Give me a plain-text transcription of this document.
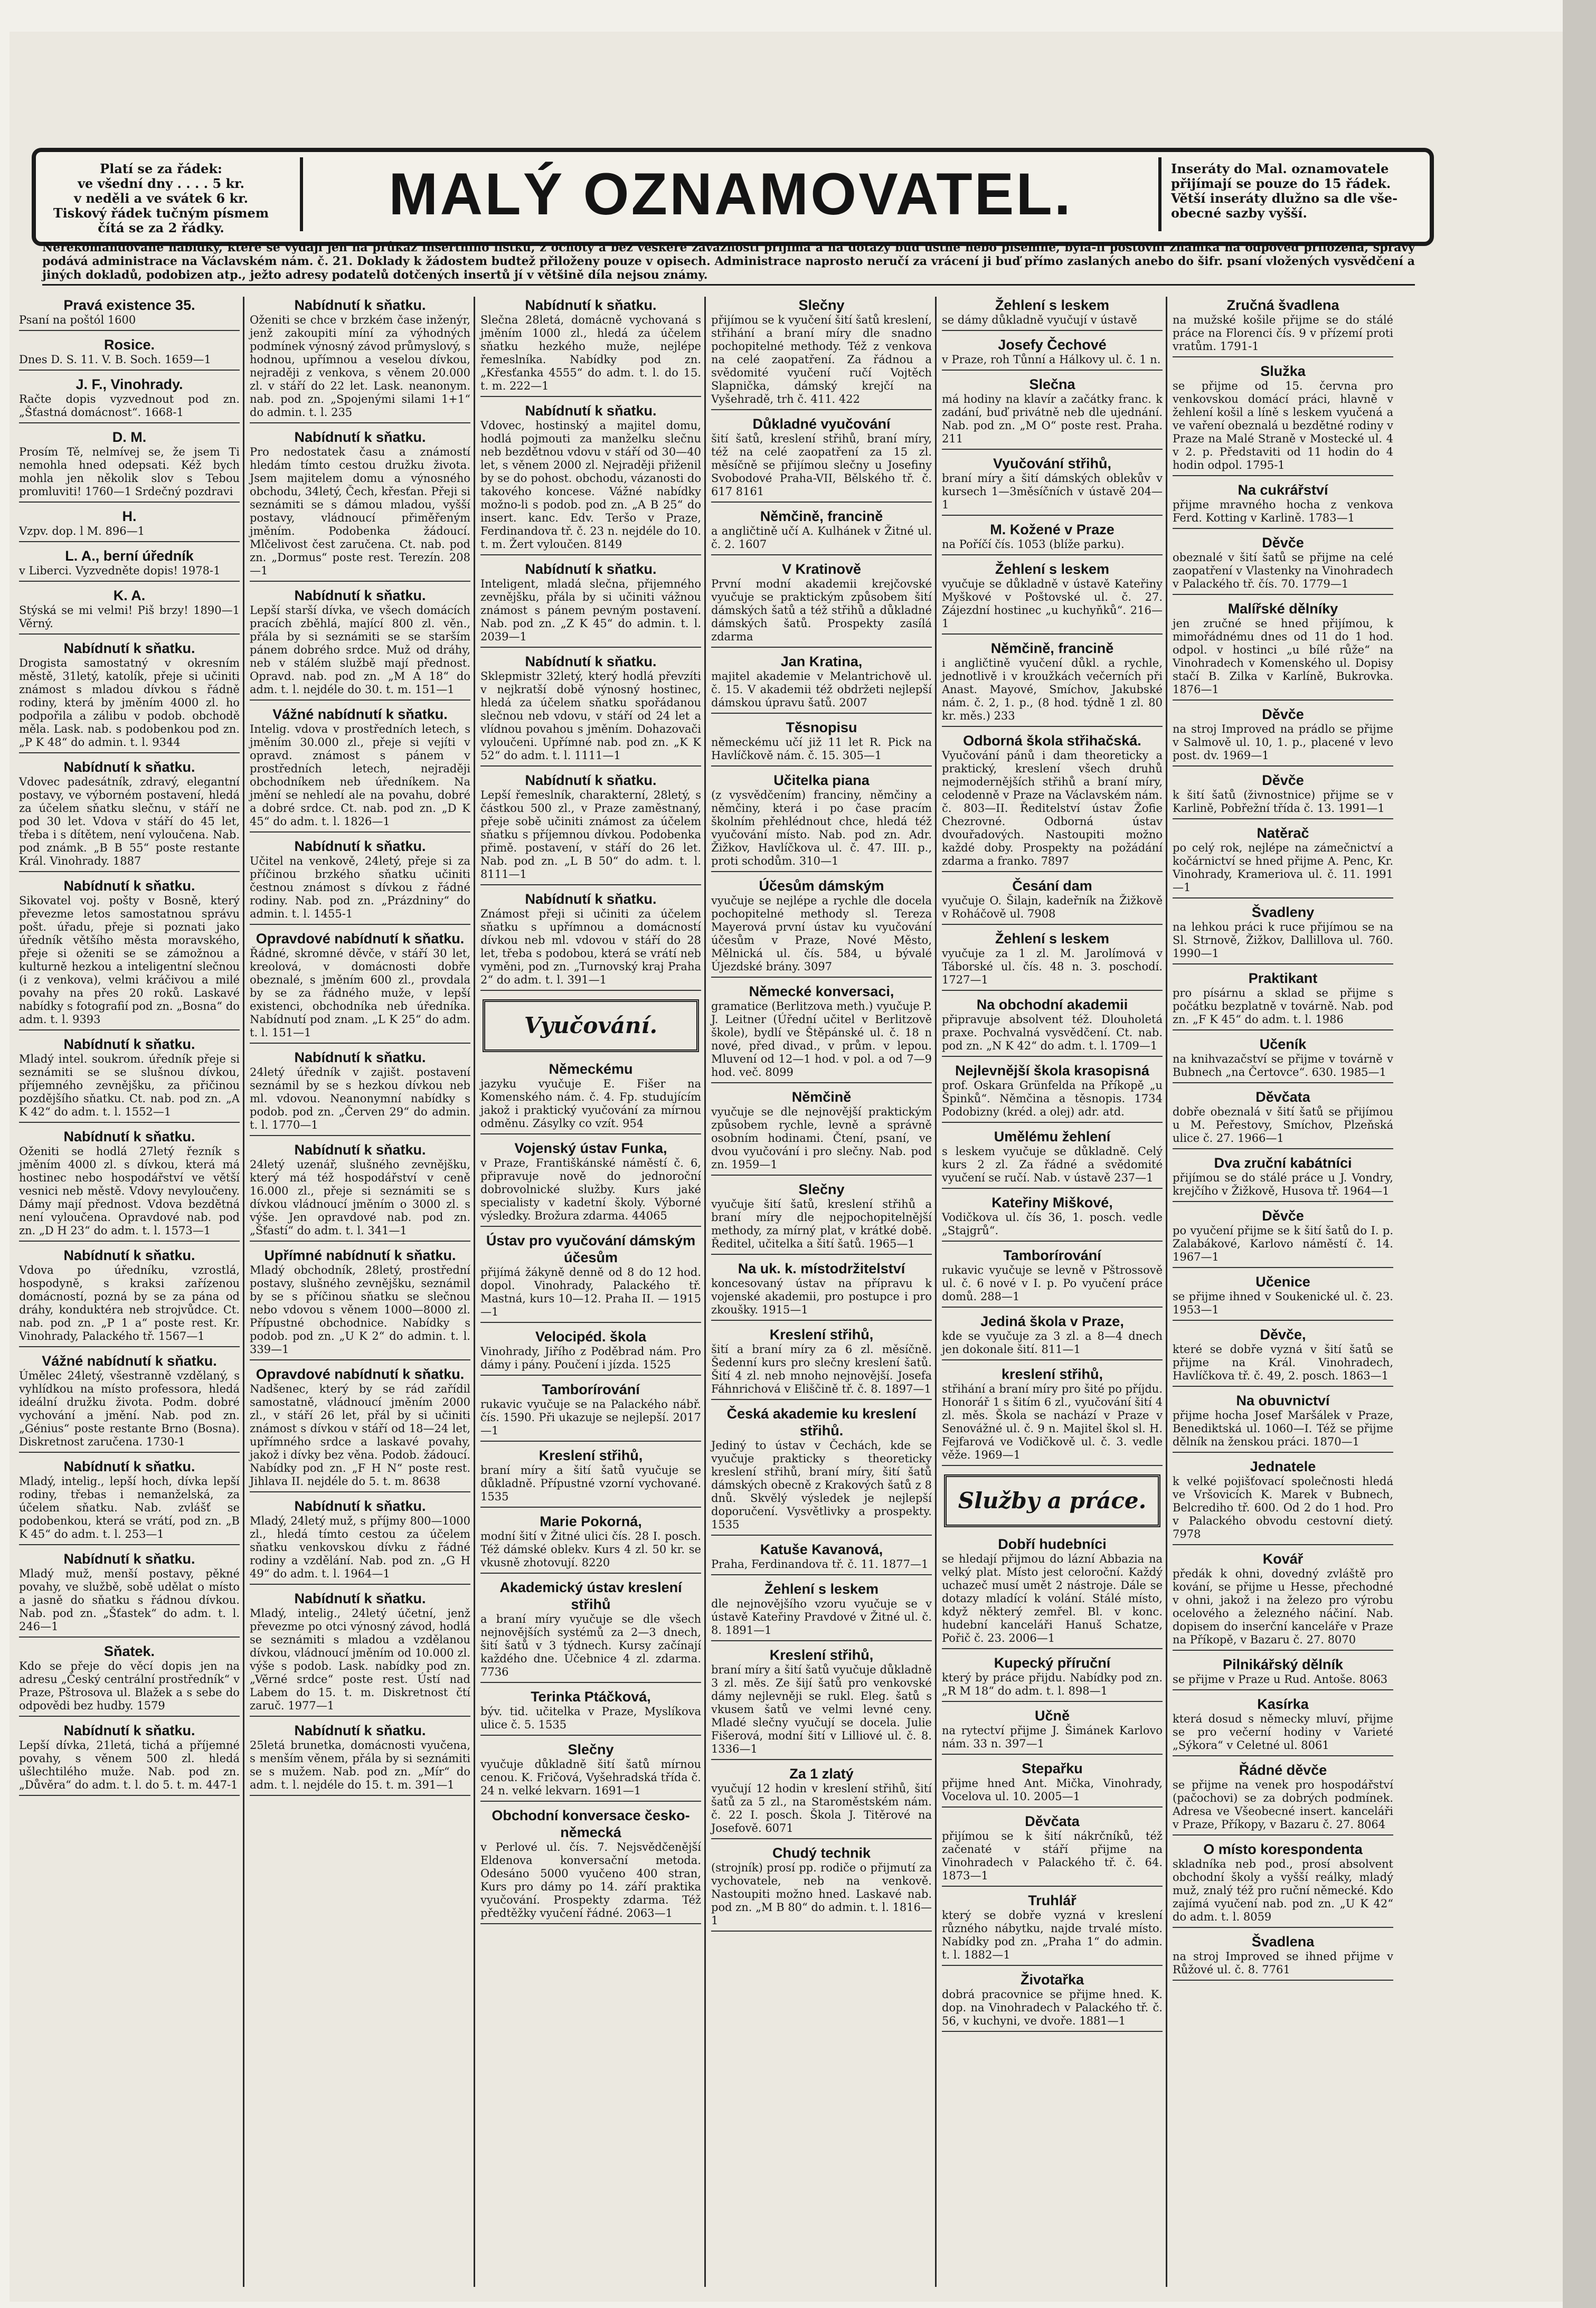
Platí se za řádek:
ve všední dny . . . . 5 kr.
v neděli a ve svátek 6 kr.
Tiskový řádek tučným písmem
čítá se za 2 řádky.
MALÝ OZNAMOVATEL.	Inseráty do Mal. oznamovatele
přijímají se pouze do 15 řádek.
Větší inseráty dlužno sa dle vše-
obecné sazby vyšší.
Nerekomandované nabídky, které se vydají jen na průkaz insertního lístku, z ochoty a bez veškeré závaznosti přijímá a na dotazy buď ústně nebo písemně, byla-li poštovní známka na odpověď přiložena, správy podává administrace na Václavském nám. č. 21. Doklady k žádostem budtež přiloženy pouze v opisech. Administrace naprosto neručí za vrácení ji buď přímo zaslaných anebo do šifr. psaní vložených vysvědčení a jiných dokladů, podobizen atp., ježto adresy podatelů dotčených insertů jí v většině díla nejsou známy.
Pravá existence 35.
Psaní na poštól 1600
Rosice.
Dnes D. S. 11. V. B. Soch. 1659—1
J. F., Vinohrady.
Račte dopis vyzvednout pod zn. „Šťastná domácnost“. 1668-1
D. M.
Prosím Tě, nelmívej se, že jsem Ti nemohla hned odepsati. Kéž bych mohla jen několik slov s Tebou promluviti! 1760—1 Srdečný pozdravi
H.
Vzpv. dop. l M. 896—1
L. A., berní úředník
v Liberci. Vyzvedněte dopis! 1978-1
K. A.
Stýská se mi velmi! Piš brzy! 1890—1 Věrný.
Nabídnutí k sňatku.
Drogista samostatný v okresním městě, 31letý, katolík, přeje si učiniti známost s mladou dívkou s řádně rodiny, která by jměním 4000 zl. ho podpořila a zálibu v podob. obchodě měla. Lask. nab. s podobenkou pod zn. „P K 48“ do admin. t. l. 9344
Nabídnutí k sňatku.
Vdovec padesátník, zdravý, elegantní postavy, ve výborném postavení, hledá za účelem sňatku slečnu, v stáří ne pod 30 let. Vdova v stáří do 45 let, třeba i s dítětem, není vyloučena. Nab. pod známk. „B B 55“ poste restante Král. Vinohrady. 1887
Nabídnutí k sňatku.
Sikovatel voj. pošty v Bosně, který převezme letos samostatnou správu pošt. úřadu, přeje si poznati jako úředník většího města moravského, přeje si oženiti se se zámožnou a kulturně hezkou a inteligentní slečnou (i z venkova), velmi kráčivou a milé povahy na přes 20 roků. Laskavé nabídky s fotografií pod zn. „Bosna“ do adm. t. l. 9393
Nabídnutí k sňatku.
Mladý intel. soukrom. úředník přeje si seznámiti se se slušnou dívkou, příjemného zevnějšku, za přičinou pozdějšího sňatku. Ct. nab. pod zn. „A K 42“ do adm. t. l. 1552—1
Nabídnutí k sňatku.
Oženiti se hodlá 27letý řezník s jměním 4000 zl. s dívkou, která má hostinec nebo hospodářství ve větší vesnici neb městě. Vdovy nevyloučeny. Dámy mají přednost. Vdova bezdětná není vyloučena. Opravdové nab. pod zn. „D H 23“ do adm. t. l. 1573—1
Nabídnutí k sňatku.
Vdova po úředníku, vzrostlá, hospodyně, s kraksi zařízenou domácností, pozná by se za pána od dráhy, konduktéra neb strojvůdce. Ct. nab. pod zn. „P 1 a“ poste rest. Kr. Vinohrady, Palackého tř. 1567—1
Vážné nabídnutí k sňatku.
Úmělec 24letý, všestranně vzdělaný, s vyhlídkou na místo professora, hledá ideální družku života. Podm. dobré vychování a jmění. Nab. pod zn. „Génius“ poste restante Brno (Bosna). Diskretnost zaručena. 1730-1
Nabídnutí k sňatku.
Mladý, intelig., lepší hoch, dívka lepší rodiny, třebas i nemanželská, za účelem sňatku. Nab. zvlášť se podobenkou, která se vrátí, pod zn. „B K 45“ do adm. t. l. 253—1
Nabídnutí k sňatku.
Mladý muž, menší postavy, pěkné povahy, ve službě, sobě udělat o místo a jasně do sňatku s řádnou dívkou. Nab. pod zn. „Šťastek“ do adm. t. l. 246—1
Sňatek.
Kdo se přeje do věcí dopis jen na adresu „Český centrální prostředník“ v Praze, Pštrosova ul. Blažek a s sebe do odpovědi bez hudby. 1579
Nabídnutí k sňatku.
Lepší dívka, 21letá, tichá a příjemné povahy, s věnem 500 zl. hledá ušlechtilého muže. Nab. pod zn. „Důvěra“ do adm. t. l. do 5. t. m. 447-1
Nabídnutí k sňatku.
Oženiti se chce v brzkém čase inženýr, jenž zakoupiti míní za výhodných podmínek výnosný závod průmyslový, s hodnou, upřímnou a veselou dívkou, nejraději z venkova, s věnem 20.000 zl. v stáří do 22 let. Lask. neanonym. nab. pod zn. „Spojenými silami 1+1“ do admin. t. l. 235
Nabídnutí k sňatku.
Pro nedostatek času a známostí hledám tímto cestou družku života. Jsem majitelem domu a výnosného obchodu, 34letý, Čech, křesťan. Přeji si seznámiti se s dámou mladou, vyšší postavy, vládnoucí přiměřeným jměním. Podobenka žádoucí. Mlčelivost čest zaručena. Ct. nab. pod zn. „Dormus“ poste rest. Terezín. 208—1
Nabídnutí k sňatku.
Lepší starší dívka, ve všech domácích pracích zběhlá, mající 800 zl. věn., přála by si seznámiti se se starším pánem dobrého srdce. Muž od dráhy, neb v stálém službě mají přednost. Opravd. nab. pod zn. „M A 18“ do adm. t. l. nejdéle do 30. t. m. 151—1
Vážné nabídnutí k sňatku.
Intelig. vdova v prostředních letech, s jměním 30.000 zl., přeje si vejíti v opravd. známost s pánem v prostředních letech, nejraději obchodníkem neb úředníkem. Na jmění se nehledí ale na povahu, dobré a dobré srdce. Ct. nab. pod zn. „D K 45“ do adm. t. l. 1826—1
Nabídnutí k sňatku.
Učitel na venkově, 24letý, přeje si za příčinou brzkého sňatku učiniti čestnou známost s dívkou z řádné rodiny. Nab. pod zn. „Prázdniny“ do admin. t. l. 1455-1
Opravdové nabídnutí k sňatku.
Řádné, skromné děvče, v stáří 30 let, kreolová, v domácnosti dobře obeznalé, s jměním 600 zl., provdala by se za řádného muže, v lepší existenci, obchodníka neb úředníka. Nabídnutí pod znam. „L K 25“ do adm. t. l. 151—1
Nabídnutí k sňatku.
24letý úředník v zajišt. postavení seznámil by se s hezkou dívkou neb ml. vdovou. Neanonymní nabídky s podob. pod zn. „Červen 29“ do admin. t. l. 1770—1
Nabídnutí k sňatku.
24letý uzenář, slušného zevnějšku, který má též hospodářství v ceně 16.000 zl., přeje si seznámiti se s dívkou vládnoucí jměním o 3000 zl. s výše. Jen opravdové nab. pod zn. „Šťastí“ do adm. t. l. 341—1
Upřímné nabídnutí k sňatku.
Mladý obchodník, 28letý, prostřední postavy, slušného zevnějšku, seznámil by se s příčinou sňatku se slečnou nebo vdovou s věnem 1000—8000 zl. Přípustné obchodnice. Nabídky s podob. pod zn. „U K 2“ do admin. t. l. 339—1
Opravdové nabídnutí k sňatku.
Nadšenec, který by se rád zařídil samostatně, vládnoucí jměním 2000 zl., v stáří 26 let, přál by si učiniti známost s dívkou v stáří od 18—24 let, upřímného srdce a laskavé povahy, jakož i dívky bez věna. Podob. žádoucí. Nabídky pod zn. „F H N“ poste rest. Jihlava II. nejdéle do 5. t. m. 8638
Nabídnutí k sňatku.
Mladý, 24letý muž, s příjmy 800—1000 zl., hledá tímto cestou za účelem sňatku venkovskou dívku z řádné rodiny a vzdělání. Nab. pod zn. „G H 49“ do adm. t. l. 1964—1
Nabídnutí k sňatku.
Mladý, intelig., 24letý účetní, jenž převezme po otci výnosný závod, hodlá se seznámiti s mladou a vzdělanou dívkou, vládnoucí jměním od 10.000 zl. výše s podob. Lask. nabídky pod zn. „Věrné srdce“ poste rest. Ústí nad Labem do 15. t. m. Diskretnost čtí zaruč. 1977—1
Nabídnutí k sňatku.
25letá brunetka, domácnosti vyučena, s menším věnem, přála by si seznámiti se s mužem. Nab. pod zn. „Mír“ do adm. t. l. nejdéle do 15. t. m. 391—1
Nabídnutí k sňatku.
Slečna 28letá, domácně vychovaná s jměním 1000 zl., hledá za účelem sňatku hezkého muže, nejlépe řemeslníka. Nabídky pod zn. „Křesťanka 4555“ do adm. t. l. do 15. t. m. 222—1
Nabídnutí k sňatku.
Vdovec, hostinský a majitel domu, hodlá pojmouti za manželku slečnu neb bezdětnou vdovu v stáří od 30—40 let, s věnem 2000 zl. Nejraději přiženil by se do pohost. obchodu, vázanosti do takového koncese. Vážné nabídky možno-li s podob. pod zn. „A B 25“ do insert. kanc. Edv. Teršo v Praze, Ferdinandova tř. č. 23 n. nejdéle do 10. t. m. Žert vyloučen. 8149
Nabídnutí k sňatku.
Inteligent, mladá slečna, přijemného zevnějšku, přála by si učiniti vážnou známost s pánem pevným postavení. Nab. pod zn. „Z K 45“ do admin. t. l. 2039—1
Nabídnutí k sňatku.
Sklepmistr 32letý, který hodlá převzíti v nejkratší době výnosný hostinec, hledá za účelem sňatku spořádanou slečnou neb vdovu, v stáří od 24 let a vlídnou povahou s jměním. Dohazovači vyloučeni. Upřímné nab. pod zn. „K K 52“ do adm. t. l. 1111—1
Nabídnutí k sňatku.
Lepší řemeslník, charakterní, 28letý, s částkou 500 zl., v Praze zaměstnaný, přeje sobě učiniti známost za účelem sňatku s příjemnou dívkou. Podobenka přimě. postavení, v stáří do 26 let. Nab. pod zn. „L B 50“ do adm. t. l. 8111—1
Nabídnutí k sňatku.
Známost přeji si učiniti za účelem sňatku s upřímnou a domácností dívkou neb ml. vdovou v stáří do 28 let, třeba s podobou, která se vrátí neb vyměni, pod zn. „Turnovský kraj Praha 2“ do adm. t. l. 391—1
Vyučování.
Německému
jazyku vyučuje E. Fišer na Komenského nám. č. 4. Fp. studujícím jakož i praktický vyučování za mírnou odměnu. Zásylky co vzít. 954
Vojenský ústav Funka,
v Praze, Františkánské náměstí č. 6, připravuje nově do jednoroční dobrovolnické služby. Kurs jaké specialisty v kadetní školy. Výborné výsledky. Brožura zdarma. 44065
Ústav pro vyučování dámským účesům
přijímá žákyně denně od 8 do 12 hod. dopol. Vinohrady, Palackého tř. Mastná, kurs 10—12. Praha II. — 1915—1
Velocipéd. škola
Vinohrady, Jiřího z Poděbrad nám. Pro dámy i pány. Poučení i jízda. 1525
Tamborírování
rukavic vyučuje se na Palackého nábř. čís. 1590. Při ukazuje se nejlepší. 2017—1
Kreslení střihů,
braní míry a šití šatů vyučuje se důkladně. Přípustné vzorní vychované. 1535
Marie Pokorná,
modní šití v Žitné ulici čís. 28 I. posch. Též dámské oblekv. Kurs 4 zl. 50 kr. se vkusně zhotovují. 8220
Akademický ústav kreslení střihů
a braní míry vyučuje se dle všech nejnovějších systémů za 2—3 dnech, šití šatů v 3 týdnech. Kursy začínají každého dne. Učebnice 4 zl. zdarma. 7736
Terinka Ptáčková,
býv. tid. učitelka v Praze, Myslíkova ulice č. 5. 1535
Slečny
vyučuje důkladně šití šatů mírnou cenou. K. Fričová, Vyšehradská třída č. 24 n. velké lekvarn. 1691—1
Obchodní konversace česko-německá
v Perlové ul. čís. 7. Nejsvědčenější Eldenova konversační metoda. Odesáno 5000 vyučeno 400 stran, Kurs pro dámy po 14. září praktika vyučování. Prospekty zdarma. Též předtěžky vyučení řádné. 2063—1
Slečny
přijímou se k vyučení šití šatů kreslení, střihání a braní míry dle snadno pochopitelné methody. Též z venkova na celé zaopatření. Za řádnou a svědomité vyučení ručí Vojtěch Slapnička, dámský krejčí na Vyšehradě, trh č. 411. 422
Důkladné vyučování
šití šatů, kreslení střihů, braní míry, též na celé zaopatření za 15 zl. měsíčně se přijímou slečny u Josefiny Svobodové Praha-VII, Bělského tř. č. 617 8161
Němčině, francině
a angličtině učí A. Kulhánek v Žitné ul. č. 2. 1607
V Kratinově
První modní akademii krejčovské vyučuje se praktickým způsobem šití dámských šatů a též střihů a důkladné dámských šatů. Prospekty zasílá zdarma
Jan Kratina,
majitel akademie v Melantrichově ul. č. 15. V akademii též obdržeti nejlepší dámskou úpravu šatů. 2007
Těsnopisu
německému učí již 11 let R. Pick na Havlíčkově nám. č. 15. 305—1
Učitelka piana
(z vysvědčením) franciny, němčiny a němčiny, která i po čase pracím školním přehlédnout chce, hledá též vyučování místo. Nab. pod zn. Adr. Žižkov, Havlíčkova ul. č. 47. III. p., proti schodům. 310—1
Účesům dámským
vyučuje se nejlépe a rychle dle docela pochopitelné methody sl. Tereza Mayerová první ústav ku vyučování účesům v Praze, Nové Město, Mělnická ul. čís. 584, u bývalé Újezdské brány. 3097
Německé konversaci,
gramatice (Berlitzova meth.) vyučuje P. J. Leitner (Úřední učitel v Berlitzově škole), bydlí ve Štěpánské ul. č. 18 n nové, před divad., v prům. v lepou. Mluvení od 12—1 hod. v pol. a od 7—9 hod. več. 8099
Němčině
vyučuje se dle nejnovější praktickým způsobem rychle, levně a správně osobním hodinami. Čtení, psaní, ve dvou vyučování i pro slečny. Nab. pod zn. 1959—1
Slečny
vyučuje šití šatů, kreslení střihů a braní míry dle nejpochopitelnější methody, za mírný plat, v krátké době. Ředitel, učitelka a šití šatů. 1965—1
Na uk. k. místodržitelství
koncesovaný ústav na přípravu k vojenské akademii, pro postupce i pro zkoušky. 1915—1
Kreslení střihů,
šití a braní míry za 6 zl. měsíčně. Šedenní kurs pro slečny kreslení šatů. Šití 4 zl. neb mnoho nejnovější. Josefa Fáhnrichová v Eliščině tř. č. 8. 1897—1
Česká akademie ku kreslení střihů.
Jediný to ústav v Čechách, kde se vyučuje prakticky s theoreticky kreslení střihů, braní míry, šití šatů dámských obecně z Krakových šatů z 8 dnů. Skvělý výsledek je nejlepší doporučení. Vysvětlivky a prospekty. 1535
Katuše Kavanová,
Praha, Ferdinandova tř. č. 11. 1877—1
Žehlení s leskem
dle nejnovějšího vzoru vyučuje se v ústavě Kateřiny Pravdové v Žitné ul. č. 8. 1891—1
Kreslení střihů,
braní míry a šití šatů vyučuje důkladně 3 zl. měs. Ze šijí šatů pro venkovské dámy nejlevněji se rukl. Eleg. šatů s vkusem šatů ve velmi levné ceny. Mladé slečny vyučují se docela. Julie Fišerová, modní šití v Lilliové ul. č. 8. 1336—1
Za 1 zlatý
vyučují 12 hodin v kreslení střihů, šití šatů za 5 zl., na Staroměstském nám. č. 22 I. posch. Škola J. Titěrové na Josefově. 6071
Chudý technik
(strojník) prosí pp. rodiče o přijmutí za vychovatele, neb na venkově. Nastoupiti možno hned. Laskavé nab. pod zn. „M B 80“ do admin. t. l. 1816—1
Žehlení s leskem
se dámy důkladně vyučují v ústavě
Josefy Čechové
v Praze, roh Tůnní a Hálkovy ul. č. 1 n.
Slečna
má hodiny na klavír a začátky franc. k zadání, buď privátně neb dle ujednání. Nab. pod zn. „M O“ poste rest. Praha. 211
Vyučování střihů,
braní míry a šití dámských oblekův v kursech 1—3měsíčních v ústavě 204—1
M. Kožené v Praze
na Poříčí čís. 1053 (blíže parku).
Žehlení s leskem
vyučuje se důkladně v ústavě Kateřiny Myškové v Poštovské ul. č. 27. Zájezdní hostinec „u kuchyňků“. 216—1
Němčině, francině
i angličtině vyučení důkl. a rychle, jednotlivě i v kroužkách večerních při Anast. Mayové, Smíchov, Jakubské nám. č. 2, 1. p., (8 hod. týdně 1 zl. 80 kr. měs.) 233
Odborná škola střihačská.
Vyučování pánů i dam theoreticky a praktický, kreslení všech druhů nejmodernějších střihů a braní míry, celodenně v Praze na Václavském nám. č. 803—II. Ředitelství ústav Žofie Chezrovné. Odborná ústav dvouřadových. Nastoupiti možno každé doby. Prospekty na požádání zdarma a franko. 7897
Česání dam
vyučuje O. Šilajn, kadeřník na Žižkově v Roháčově ul. 7908
Žehlení s leskem
vyučuje za 1 zl. M. Jarolímová v Táborské ul. čís. 48 n. 3. poschodí. 1727—1
Na obchodní akademii
připravuje absolvent též. Dlouholetá praxe. Pochvalná vysvědčení. Ct. nab. pod zn. „N K 42“ do adm. t. l. 1709—1
Nejlevnější škola krasopisná
prof. Oskara Grünfelda na Příkopě „u Špinků“. Němčina a těsnopis. 1734 Podobizny (kréd. a olej) adr. atd.
Umělému žehlení
s leskem vyučuje se důkladně. Celý kurs 2 zl. Za řádné a svědomité vyučení se ručí. Nab. v ústavě 237—1
Kateřiny Miškové,
Vodičkova ul. čís 36, 1. posch. vedle „Stajgrů“.
Tamborírování
rukavic vyučuje se levně v Pštrossově ul. č. 6 nové v I. p. Po vyučení práce domů. 288—1
Jediná škola v Praze,
kde se vyučuje za 3 zl. a 8—4 dnech jen dokonale šití. 811—1
kreslení střihů,
střihání a braní míry pro šité po příjdu. Honorář 1 s šitím 6 zl., vyučování šití 4 zl. měs. Škola se nachází v Praze v Senovážné ul. č. 9 n. Majitel škol sl. H. Fejfarová ve Vodičkově ul. č. 3. vedle věže. 1969—1
Služby a práce.
Dobří hudebníci
se hledají přijmou do lázní Abbazia na velký plat. Místo jest celoroční. Každý uchazeč musí umět 2 nástroje. Dále se dotazy mladící k volání. Stálé místo, když některý zemřel. Bl. v konc. hudební kanceláři Hanuš Schatze, Pořič č. 23. 2006—1
Kupecký příruční
který by práce přijdu. Nabídky pod zn. „R M 18“ do adm. t. l. 898—1
Učně
na rytectví přijme J. Šimánek Karlovo nám. 33 n. 397—1
Stepařku
přijme hned Ant. Mička, Vinohrady, Vocelova ul. 10. 2005—1
Děvčata
přijímou se k šití nákrčníků, též začenaté v stáří přijme na Vinohradech v Palackého tř. č. 64. 1873—1
Truhlář
který se dobře vyzná v kreslení různého nábytku, najde trvalé místo. Nabídky pod zn. „Praha 1“ do admin. t. l. 1882—1
Životařka
dobrá pracovnice se přijme hned. K. dop. na Vinohradech v Palackého tř. č. 56, v kuchyni, ve dvoře. 1881—1
Zručná švadlena
na mužské košile přijme se do stálé práce na Florenci čís. 9 v přízemí proti vratům. 1791-1
Služka
se přijme od 15. června pro venkovskou domácí práci, hlavně v žehlení košil a líně s leskem vyučená a ve vaření obeznalá u bezdětné rodiny v Praze na Malé Straně v Mostecké ul. 4 v 2. p. Představiti od 11 hodin do 4 hodin odpol. 1795-1
Na cukrářství
přijme mravného hocha z venkova Ferd. Kotting v Karlině. 1783—1
Děvče
obeznalé v šití šatů se přijme na celé zaopatření v Vlastenky na Vinohradech v Palackého tř. čís. 70. 1779—1
Malířské dělníky
jen zručné se hned přijímou, k mimořádnému dnes od 11 do 1 hod. odpol. v hostinci „u bílé růže“ na Vinohradech v Komenského ul. Dopisy stačí B. Zilka v Karlíně, Bukrovka. 1876—1
Děvče
na stroj Improved na prádlo se přijme v Salmově ul. 10, 1. p., placené v levo post. dv. 1969—1
Děvče
k šití šatů (živnostnice) přijme se v Karlině, Pobřežní třída č. 13. 1991—1
Natěrač
po celý rok, nejlépe na zámečnictví a kočárnictví se hned přijme A. Penc, Kr. Vinohrady, Krameriova ul. č. 11. 1991—1
Švadleny
na lehkou práci k ruce přijímou se na Sl. Strnově, Žižkov, Dallillova ul. 760. 1990—1
Praktikant
pro písárnu a sklad se přijme s počátku bezplatně v továrně. Nab. pod zn. „F K 45“ do adm. t. l. 1986
Učeník
na knihvazačství se přijme v továrně v Bubnech „na Čertovce“. 630. 1985—1
Děvčata
dobře obeznalá v šití šatů se přijímou u M. Peřestovy, Smíchov, Plzeňská ulice č. 27. 1966—1
Dva zruční kabátníci
přijímou se do stálé práce u J. Vondry, krejčího v Žižkově, Husova tř. 1964—1
Děvče
po vyučení přijme se k šití šatů do I. p. Zalabákové, Karlovo náměstí č. 14. 1967—1
Učenice
se přijme ihned v Soukenické ul. č. 23. 1953—1
Děvče,
které se dobře vyzná v šití šatů se přijme na Král. Vinohradech, Havlíčkova tř. č. 49, 2. posch. 1863—1
Na obuvnictví
přijme hocha Josef Maršálek v Praze, Benediktská ul. 1060—I. Též se přijme dělník na ženskou práci. 1870—1
Jednatele
k velké pojišťovací společnosti hledá ve Vršovicích K. Marek v Bubnech, Belcrediho tř. 600. Od 2 do 1 hod. Pro v Palackého obvodu cestovní dietý. 7978
Kovář
předák k ohni, dovedný zvláště pro kování, se přijme u Hesse, přechodné v ohni, jakož i na železo pro výrobu ocelového a železného náčiní. Nab. dopisem do inserční kanceláře v Praze na Příkopě, v Bazaru č. 27. 8070
Pilnikářský dělník
se přijme v Praze u Rud. Antoše. 8063
Kasírka
která dosud s německy mluví, přijme se pro večerní hodiny v Varieté „Sýkora“ v Celetné ul. 8061
Řádné děvče
se přijme na venek pro hospodářství (pačochovi) se za dobrých podmínek. Adresa ve Všeobecné insert. kanceláři v Praze, Příkopy, v Bazaru č. 27. 8064
O místo korespondenta
skladníka neb pod., prosí absolvent obchodní školy a vyšší reálky, mladý muž, znalý též pro ruční německé. Kdo zajímá vyučení nab. pod zn. „U K 42“ do adm. t. l. 8059
Švadlena
na stroj Improved se ihned přijme v Růžové ul. č. 8. 7761
